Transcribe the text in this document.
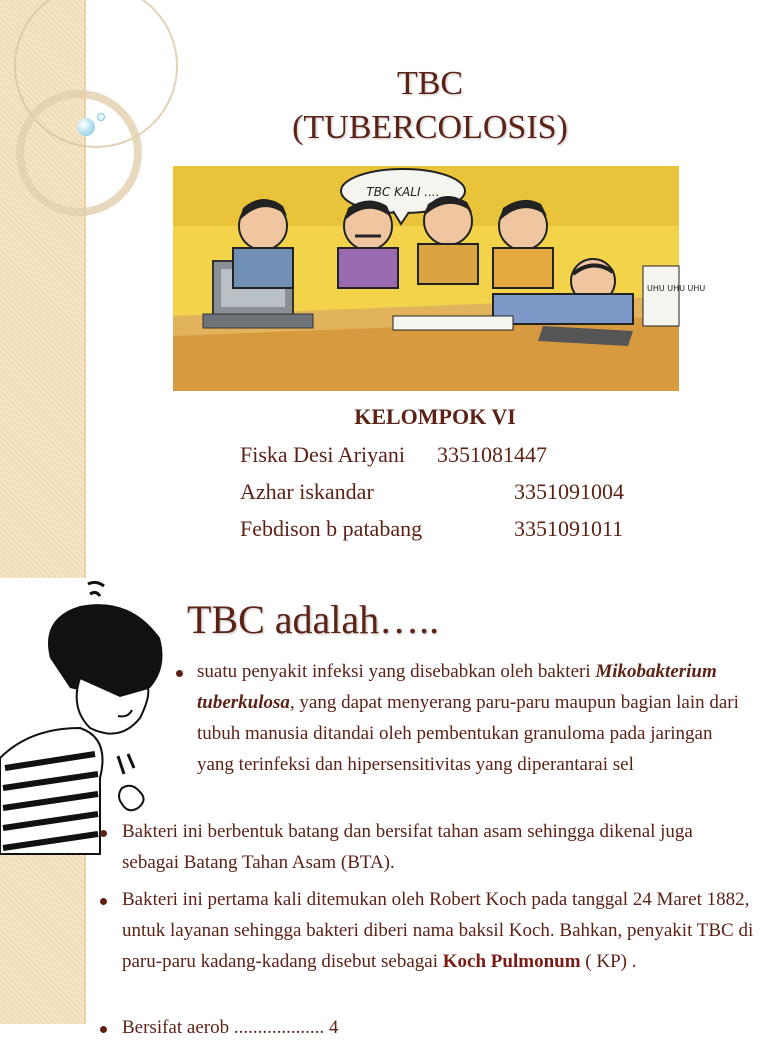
TBC
(TUBERCOLOSIS)
TBC KALI ....
UHU UHU UHU
KELOMPOK VI
Fiska Desi Ariyani 3351081447
Azhar iskandar	3351091004
Febdison b patabang	3351091011
TBC adalah…..
suatu penyakit infeksi yang disebabkan oleh bakteri Mikobakterium tuberkulosa, yang dapat menyerang paru-paru maupun bagian lain dari tubuh manusia ditandai oleh pembentukan granuloma pada jaringan yang terinfeksi dan hipersensitivitas yang diperantarai sel
Bakteri ini berbentuk batang dan bersifat tahan asam sehingga dikenal juga sebagai Batang Tahan Asam (BTA).
Bakteri ini pertama kali ditemukan oleh Robert Koch pada tanggal 24 Maret 1882, untuk layanan sehingga bakteri diberi nama baksil Koch. Bahkan, penyakit TBC di paru-paru kadang-kadang disebut sebagai Koch Pulmonum ( KP) .
Bersifat aerob ................... 4
